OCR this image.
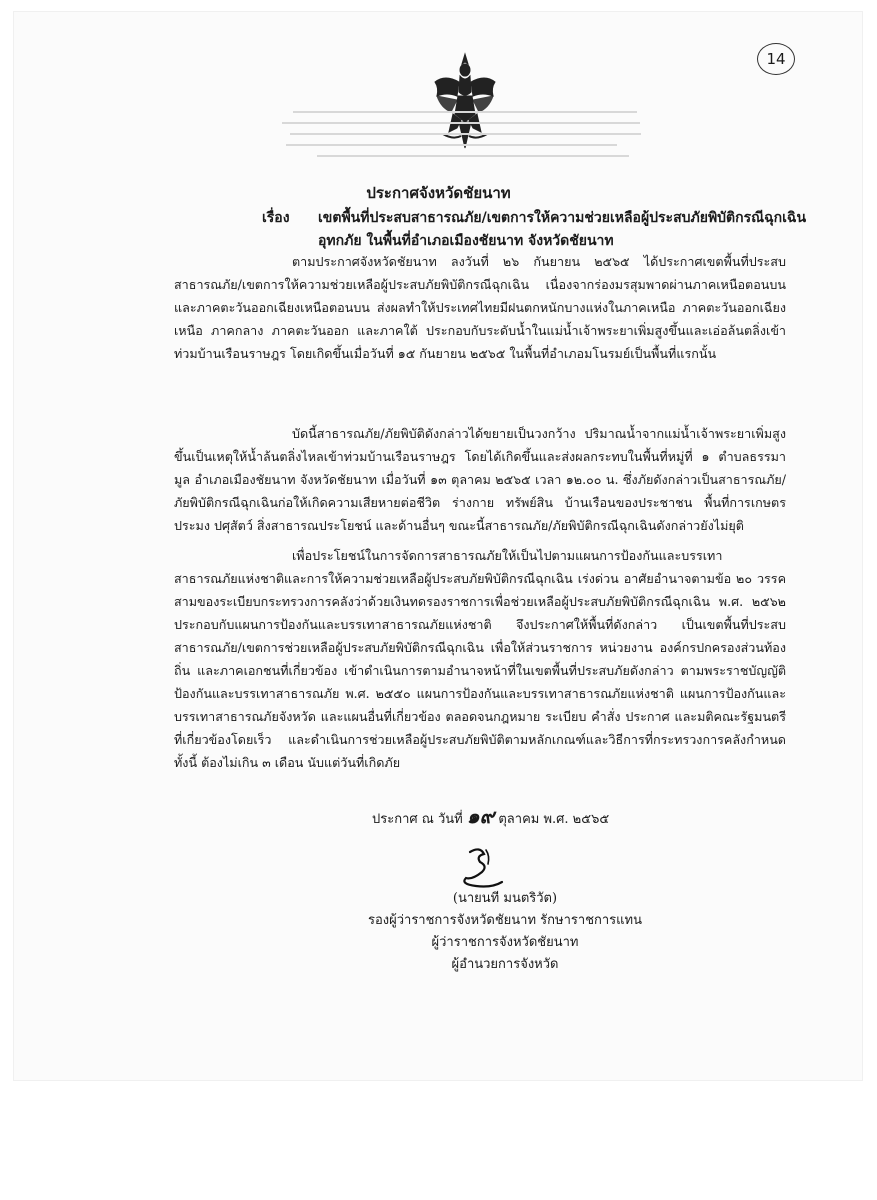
14
ประกาศจังหวัดชัยนาท
เรื่อง เขตพื้นที่ประสบสาธารณภัย/เขตการให้ความช่วยเหลือผู้ประสบภัยพิบัติกรณีฉุกเฉิน
อุทกภัย ในพื้นที่อำเภอเมืองชัยนาท จังหวัดชัยนาท

ตามประกาศจังหวัดชัยนาท ลงวันที่ ๒๖ กันยายน ๒๕๖๕ ได้ประกาศเขตพื้นที่ประสบสาธารณภัย/เขตการให้ความช่วยเหลือผู้ประสบภัยพิบัติกรณีฉุกเฉิน เนื่องจากร่องมรสุมพาดผ่านภาคเหนือตอนบนและภาคตะวันออกเฉียงเหนือตอนบน ส่งผลทำให้ประเทศไทยมีฝนตกหนักบางแห่งในภาคเหนือ ภาคตะวันออกเฉียงเหนือ ภาคกลาง ภาคตะวันออก และภาคใต้ ประกอบกับระดับน้ำในแม่น้ำเจ้าพระยาเพิ่มสูงขึ้นและเอ่อล้นตลิ่งเข้าท่วมบ้านเรือนราษฎร โดยเกิดขึ้นเมื่อวันที่ ๑๕ กันยายน ๒๕๖๕ ในพื้นที่อำเภอมโนรมย์เป็นพื้นที่แรกนั้น

บัดนี้สาธารณภัย/ภัยพิบัติดังกล่าวได้ขยายเป็นวงกว้าง ปริมาณน้ำจากแม่น้ำเจ้าพระยาเพิ่มสูงขึ้นเป็นเหตุให้น้ำล้นตลิ่งไหลเข้าท่วมบ้านเรือนราษฎร โดยได้เกิดขึ้นและส่งผลกระทบในพื้นที่หมู่ที่ ๑ ตำบลธรรมามูล อำเภอเมืองชัยนาท จังหวัดชัยนาท เมื่อวันที่ ๑๓ ตุลาคม ๒๕๖๕ เวลา ๑๒.๐๐ น. ซึ่งภัยดังกล่าวเป็นสาธารณภัย/ภัยพิบัติกรณีฉุกเฉินก่อให้เกิดความเสียหายต่อชีวิต ร่างกาย ทรัพย์สิน บ้านเรือนของประชาชน พื้นที่การเกษตร ประมง ปศุสัตว์ สิ่งสาธารณประโยชน์ และด้านอื่นๆ ขณะนี้สาธารณภัย/ภัยพิบัติกรณีฉุกเฉินดังกล่าวยังไม่ยุติ

เพื่อประโยชน์ในการจัดการสาธารณภัยให้เป็นไปตามแผนการป้องกันและบรรเทาสาธารณภัยแห่งชาติและการให้ความช่วยเหลือผู้ประสบภัยพิบัติกรณีฉุกเฉิน เร่งด่วน อาศัยอำนาจตามข้อ ๒๐ วรรคสามของระเบียบกระทรวงการคลังว่าด้วยเงินทดรองราชการเพื่อช่วยเหลือผู้ประสบภัยพิบัติกรณีฉุกเฉิน พ.ศ. ๒๕๖๒ ประกอบกับแผนการป้องกันและบรรเทาสาธารณภัยแห่งชาติ จึงประกาศให้พื้นที่ดังกล่าว เป็นเขตพื้นที่ประสบสาธารณภัย/เขตการช่วยเหลือผู้ประสบภัยพิบัติกรณีฉุกเฉิน เพื่อให้ส่วนราชการ หน่วยงาน องค์กรปกครองส่วนท้องถิ่น และภาคเอกชนที่เกี่ยวข้อง เข้าดำเนินการตามอำนาจหน้าที่ในเขตพื้นที่ประสบภัยดังกล่าว ตามพระราชบัญญัติป้องกันและบรรเทาสาธารณภัย พ.ศ. ๒๕๕๐ แผนการป้องกันและบรรเทาสาธารณภัยแห่งชาติ แผนการป้องกันและบรรเทาสาธารณภัยจังหวัด และแผนอื่นที่เกี่ยวข้อง ตลอดจนกฎหมาย ระเบียบ คำสั่ง ประกาศ และมติคณะรัฐมนตรีที่เกี่ยวข้องโดยเร็ว และดำเนินการช่วยเหลือผู้ประสบภัยพิบัติตามหลักเกณฑ์และวิธีการที่กระทรวงการคลังกำหนด ทั้งนี้ ต้องไม่เกิน ๓ เดือน นับแต่วันที่เกิดภัย

ประกาศ ณ วันที่ ๑๙ ตุลาคม พ.ศ. ๒๕๖๕
(นายนที มนตริวัต)
รองผู้ว่าราชการจังหวัดชัยนาท รักษาราชการแทน
ผู้ว่าราชการจังหวัดชัยนาท
ผู้อำนวยการจังหวัด
